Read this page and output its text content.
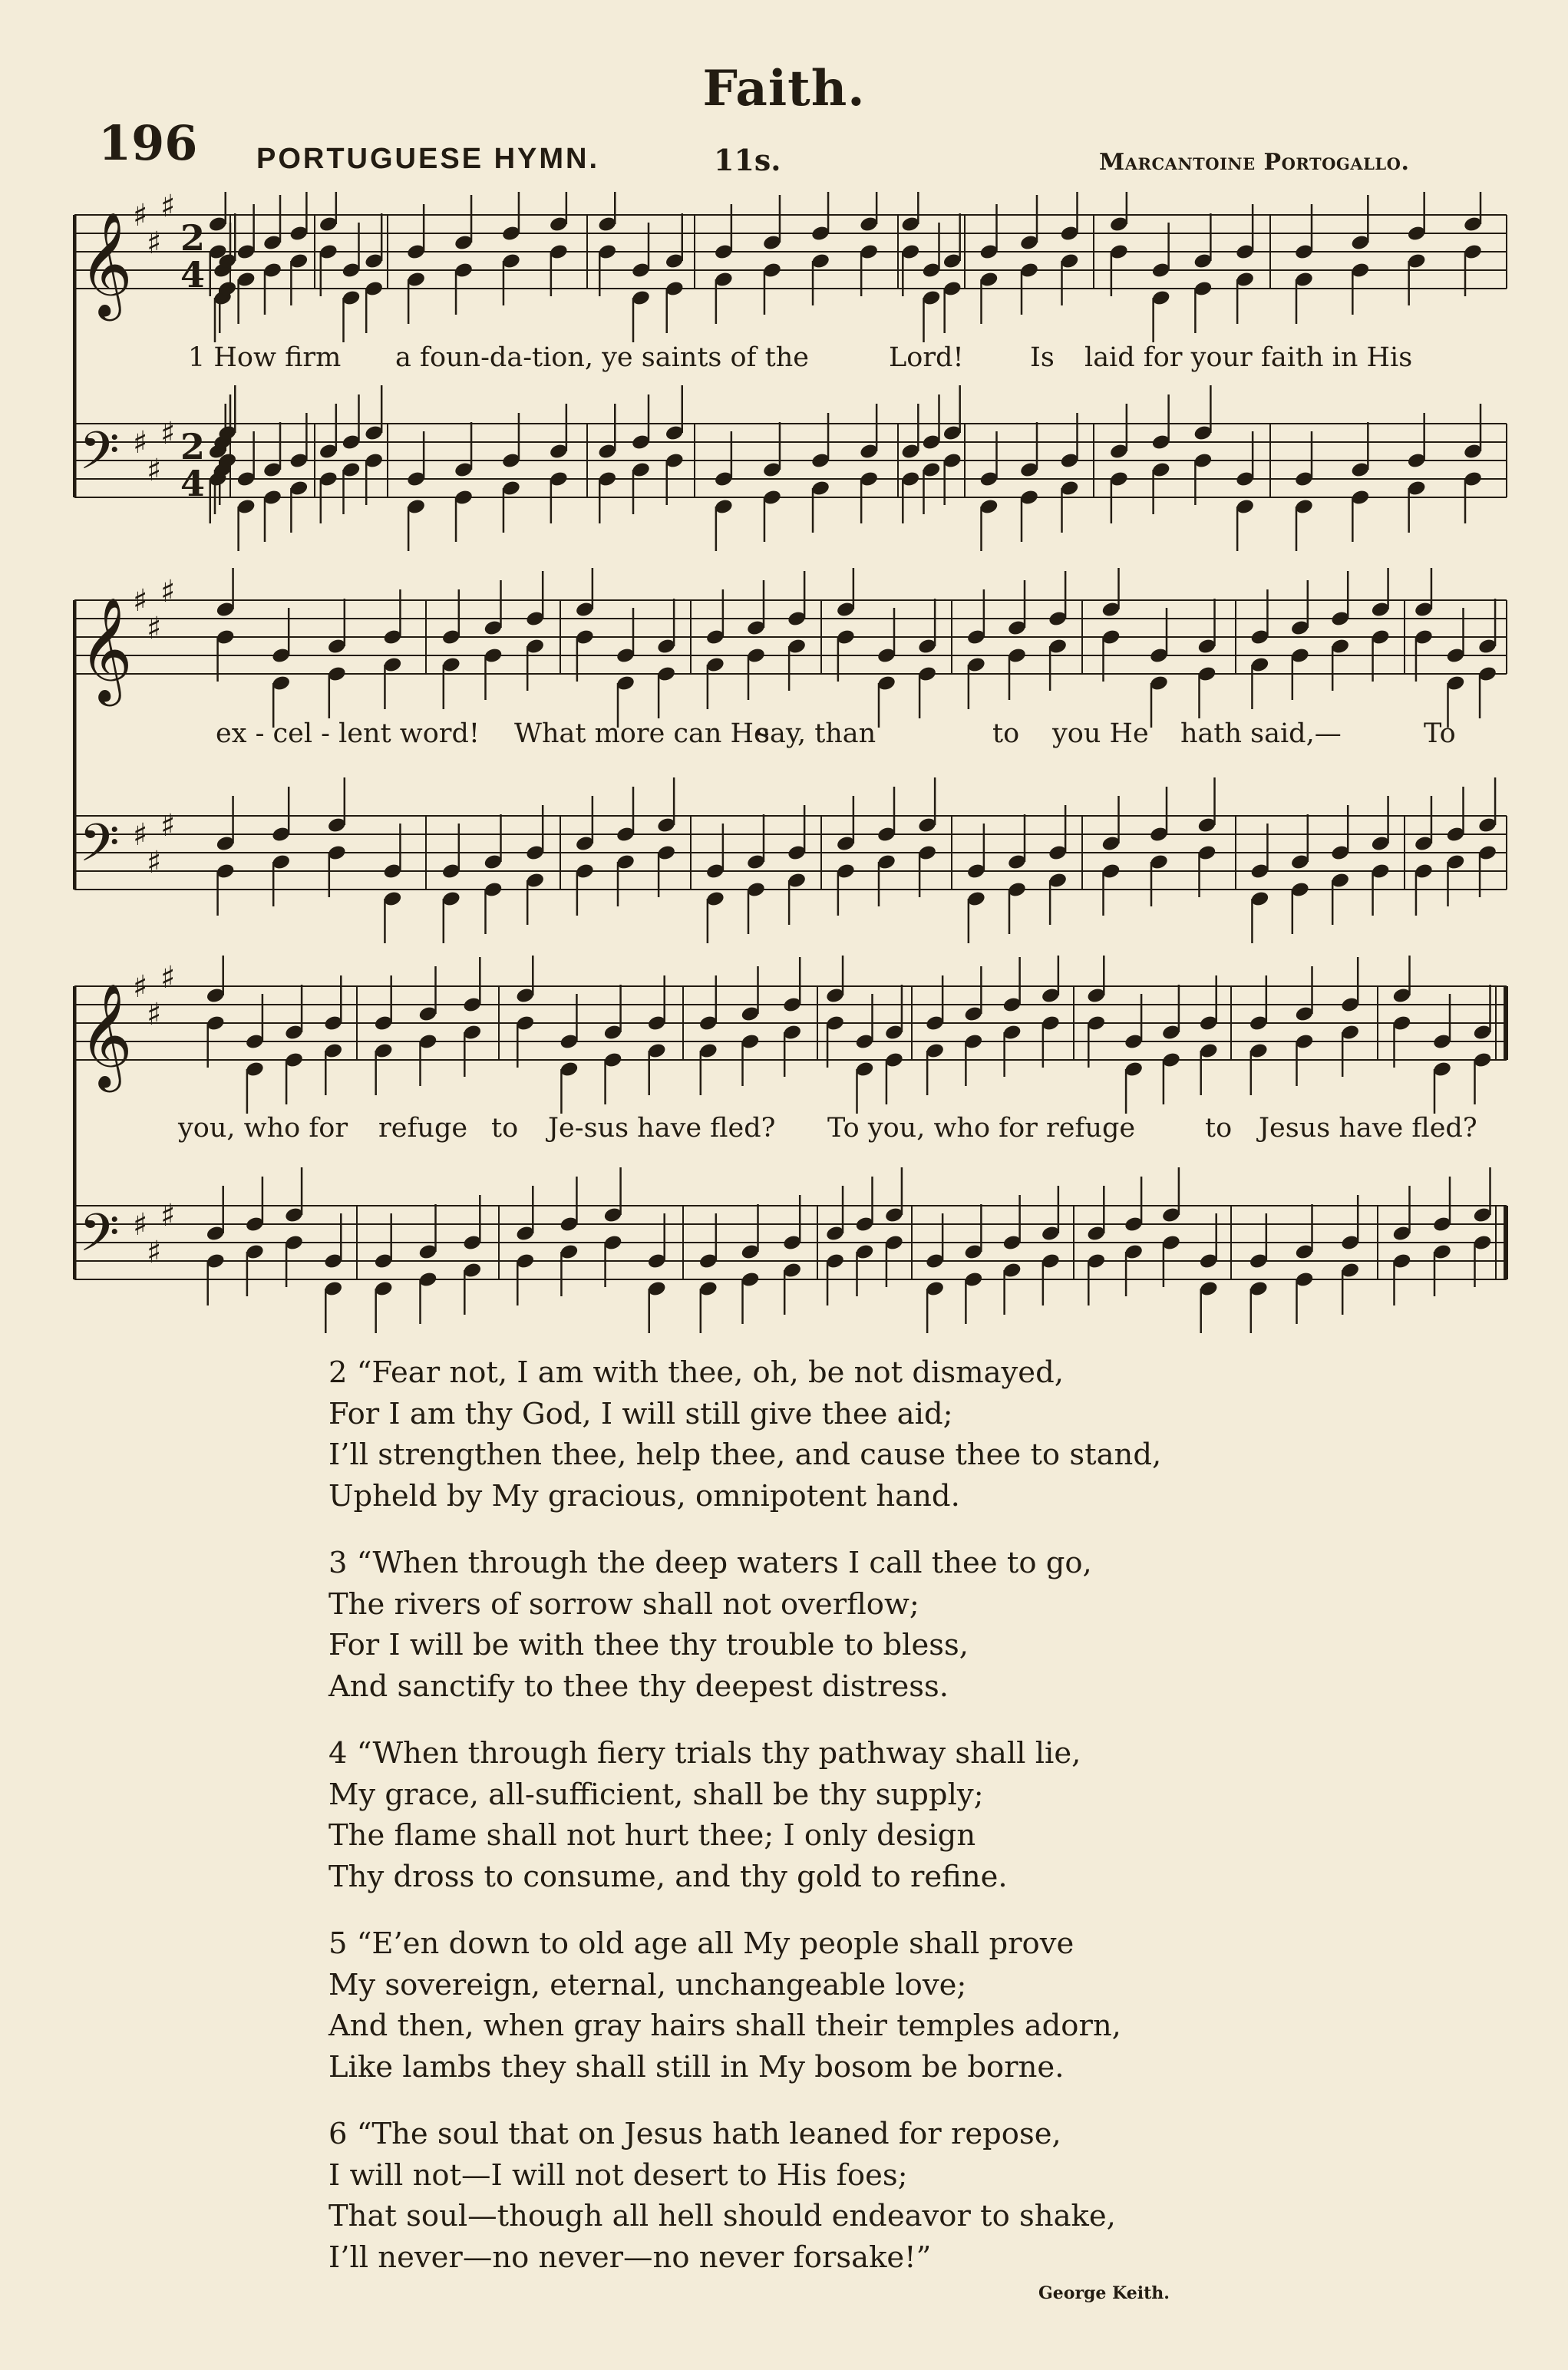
Faith.
196 PORTUGUESE HYMN.	11s.	Marcantoine Portogallo.
𝄞 ♯
♯
♯
2
4
𝄢 ♯
♯
♯ 2
4
1 How firm a foun-da-tion, ye saints of the	Lord! Is laid for your faith in His
𝄞 ♯
♯
♯
𝄢 ♯
♯
♯
ex - cel - lent word! What more can He
say, than	to you He hath said,—	To
𝄞 ♯
♯
♯
𝄢 ♯
♯
♯
you, who for refuge to Je-sus have fled? To you, who for refuge	to Jesus have fled?
2 “Fear not, I am with thee, oh, be not dismayed,
For I am thy God, I will still give thee aid;
I’ll strengthen thee, help thee, and cause thee to stand,
Upheld by My gracious, omnipotent hand.
3 “When through the deep waters I call thee to go,
The rivers of sorrow shall not overflow;
For I will be with thee thy trouble to bless,
And sanctify to thee thy deepest distress.
4 “When through fiery trials thy pathway shall lie,
My grace, all-sufficient, shall be thy supply;
The flame shall not hurt thee; I only design
Thy dross to consume, and thy gold to refine.
5 “E’en down to old age all My people shall prove
My sovereign, eternal, unchangeable love;
And then, when gray hairs shall their temples adorn,
Like lambs they shall still in My bosom be borne.
6 “The soul that on Jesus hath leaned for repose,
I will not—I will not desert to His foes;
That soul—though all hell should endeavor to shake,
I’ll never—no never—no never forsake!”
George Keith.
